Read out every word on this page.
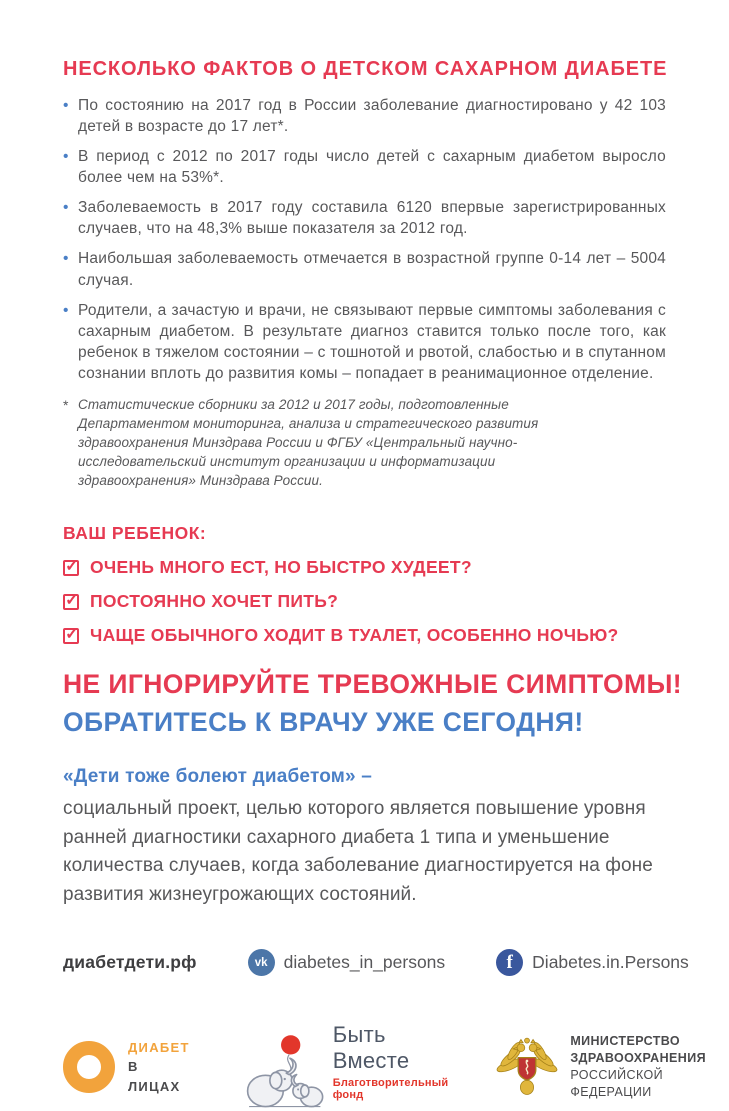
НЕСКОЛЬКО ФАКТОВ О ДЕТСКОМ САХАРНОМ ДИАБЕТЕ
• По состоянию на 2017 год в России заболевание диагностировано у 42 103 детей в возрасте до 17 лет*.
• В период с 2012 по 2017 годы число детей с сахарным диабетом выросло более чем на 53%*.
• Заболеваемость в 2017 году составила 6120 впервые зарегистрированных случаев, что на 48,3% выше показателя за 2012 год.
• Наибольшая заболеваемость отмечается в возрастной группе 0-14 лет – 5004 случая.
• Родители, а зачастую и врачи, не связывают первые симптомы заболевания с сахарным диабетом. В результате диагноз ставится только после того, как ребенок в тяжелом состоянии – с тошнотой и рвотой, слабостью и в спутанном сознании вплоть до развития комы – попадает в реанимационное отделение.
* Статистические сборники за 2012 и 2017 годы, подготовленные Департаментом мониторинга, анализа и стратегического развития здравоохранения Минздрава России и ФГБУ «Центральный научно-исследовательский институт организации и информатизации здравоохранения» Минздрава России.
ВАШ РЕБЕНОК:
✓ ОЧЕНЬ МНОГО ЕСТ, НО БЫСТРО ХУДЕЕТ?
✓ ПОСТОЯННО ХОЧЕТ ПИТЬ?
✓ ЧАЩЕ ОБЫЧНОГО ХОДИТ В ТУАЛЕТ, ОСОБЕННО НОЧЬЮ?
НЕ ИГНОРИРУЙТЕ ТРЕВОЖНЫЕ СИМПТОМЫ!
ОБРАТИТЕСЬ К ВРАЧУ УЖЕ СЕГОДНЯ!
«Дети тоже болеют диабетом» –
социальный проект, целью которого является повышение уровня ранней диагностики сахарного диабета 1 типа и уменьшение количества случаев, когда заболевание диагностируется на фоне развития жизнеугрожающих состояний.
диабетдети.рф	vk diabetes_in_persons	f	Diabetes.in.Persons
ДИАБЕТ
В ЛИЦАХ
Быть Вместе
Благотворительный фонд
МИНИСТЕРСТВО
ЗДРАВООХРАНЕНИЯ
РОССИЙСКОЙ ФЕДЕРАЦИИ
